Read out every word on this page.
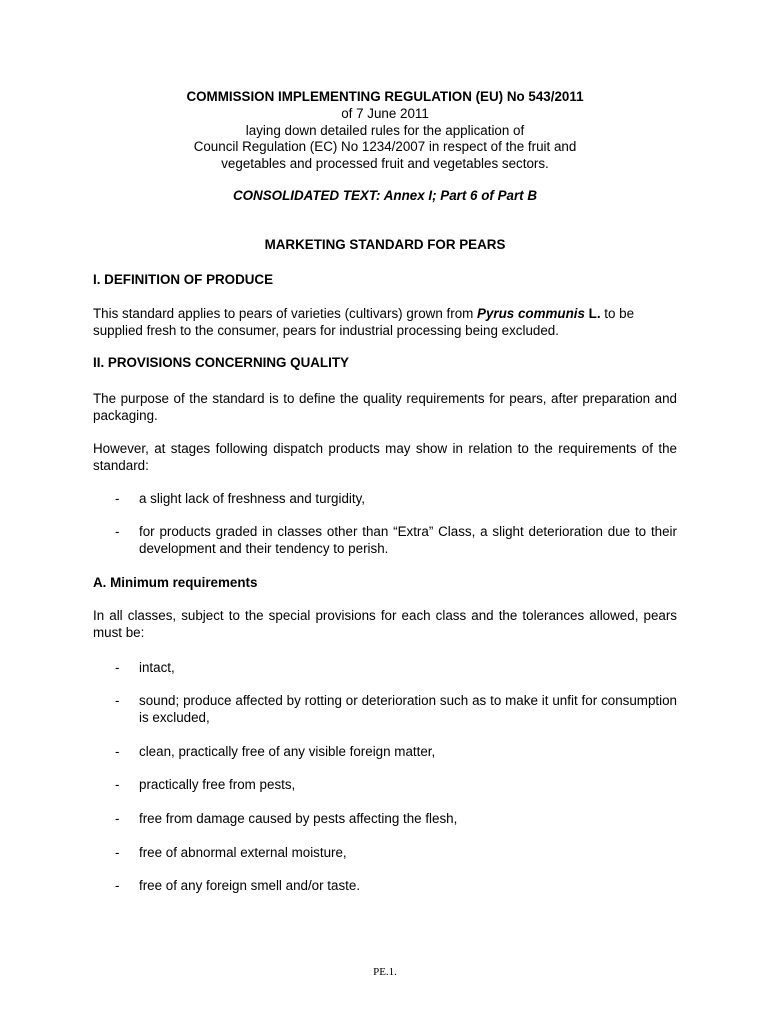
COMMISSION IMPLEMENTING REGULATION (EU) No 543/2011

of 7 June 2011

laying down detailed rules for the application of

Council Regulation (EC) No 1234/2007 in respect of the fruit and

vegetables and processed fruit and vegetables sectors.

CONSOLIDATED TEXT: Annex I; Part 6 of Part B

MARKETING STANDARD FOR PEARS

I. DEFINITION OF PRODUCE

This standard applies to pears of varieties (cultivars) grown from Pyrus communis L. to be supplied fresh to the consumer, pears for industrial processing being excluded.

II. PROVISIONS CONCERNING QUALITY

The purpose of the standard is to define the quality requirements for pears, after preparation and packaging.

However, at stages following dispatch products may show in relation to the requirements of the standard:

- a slight lack of freshness and turgidity,
- for products graded in classes other than “Extra” Class, a slight deterioration due to their development and their tendency to perish.

A. Minimum requirements

In all classes, subject to the special provisions for each class and the tolerances allowed, pears must be:

- intact,
- sound; produce affected by rotting or deterioration such as to make it unfit for consumption is excluded,
- clean, practically free of any visible foreign matter,
- practically free from pests,
- free from damage caused by pests affecting the flesh,
- free of abnormal external moisture,
- free of any foreign smell and/or taste.

PE.1.
